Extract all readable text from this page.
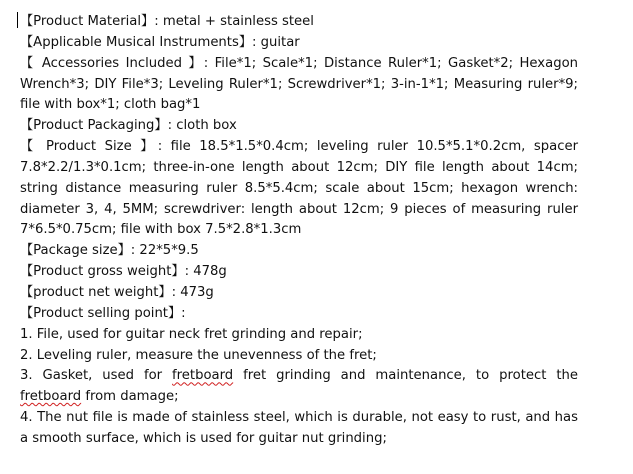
【Product Material】: metal + stainless steel

【Applicable Musical Instruments】: guitar

【 Accessories Included 】: File*1; Scale*1; Distance Ruler*1; Gasket*2; Hexagon Wrench*3; DIY File*3; Leveling Ruler*1; Screwdriver*1; 3-in-1*1; Measuring ruler*9; file with box*1; cloth bag*1

【Product Packaging】: cloth box

【 Product Size 】: file 18.5*1.5*0.4cm; leveling ruler 10.5*5.1*0.2cm, spacer 7.8*2.2/1.3*0.1cm; three-in-one length about 12cm; DIY file length about 14cm; string distance measuring ruler 8.5*5.4cm; scale about 15cm; hexagon wrench: diameter 3, 4, 5MM; screwdriver: length about 12cm; 9 pieces of measuring ruler 7*6.5*0.75cm; file with box 7.5*2.8*1.3cm

【Package size】: 22*5*9.5

【Product gross weight】: 478g

【product net weight】: 473g

【Product selling point】:

1. File, used for guitar neck fret grinding and repair;

2. Leveling ruler, measure the unevenness of the fret;

3. Gasket, used for fretboard fret grinding and maintenance, to protect the fretboard from damage;

4. The nut file is made of stainless steel, which is durable, not easy to rust, and has a smooth surface, which is used for guitar nut grinding;
